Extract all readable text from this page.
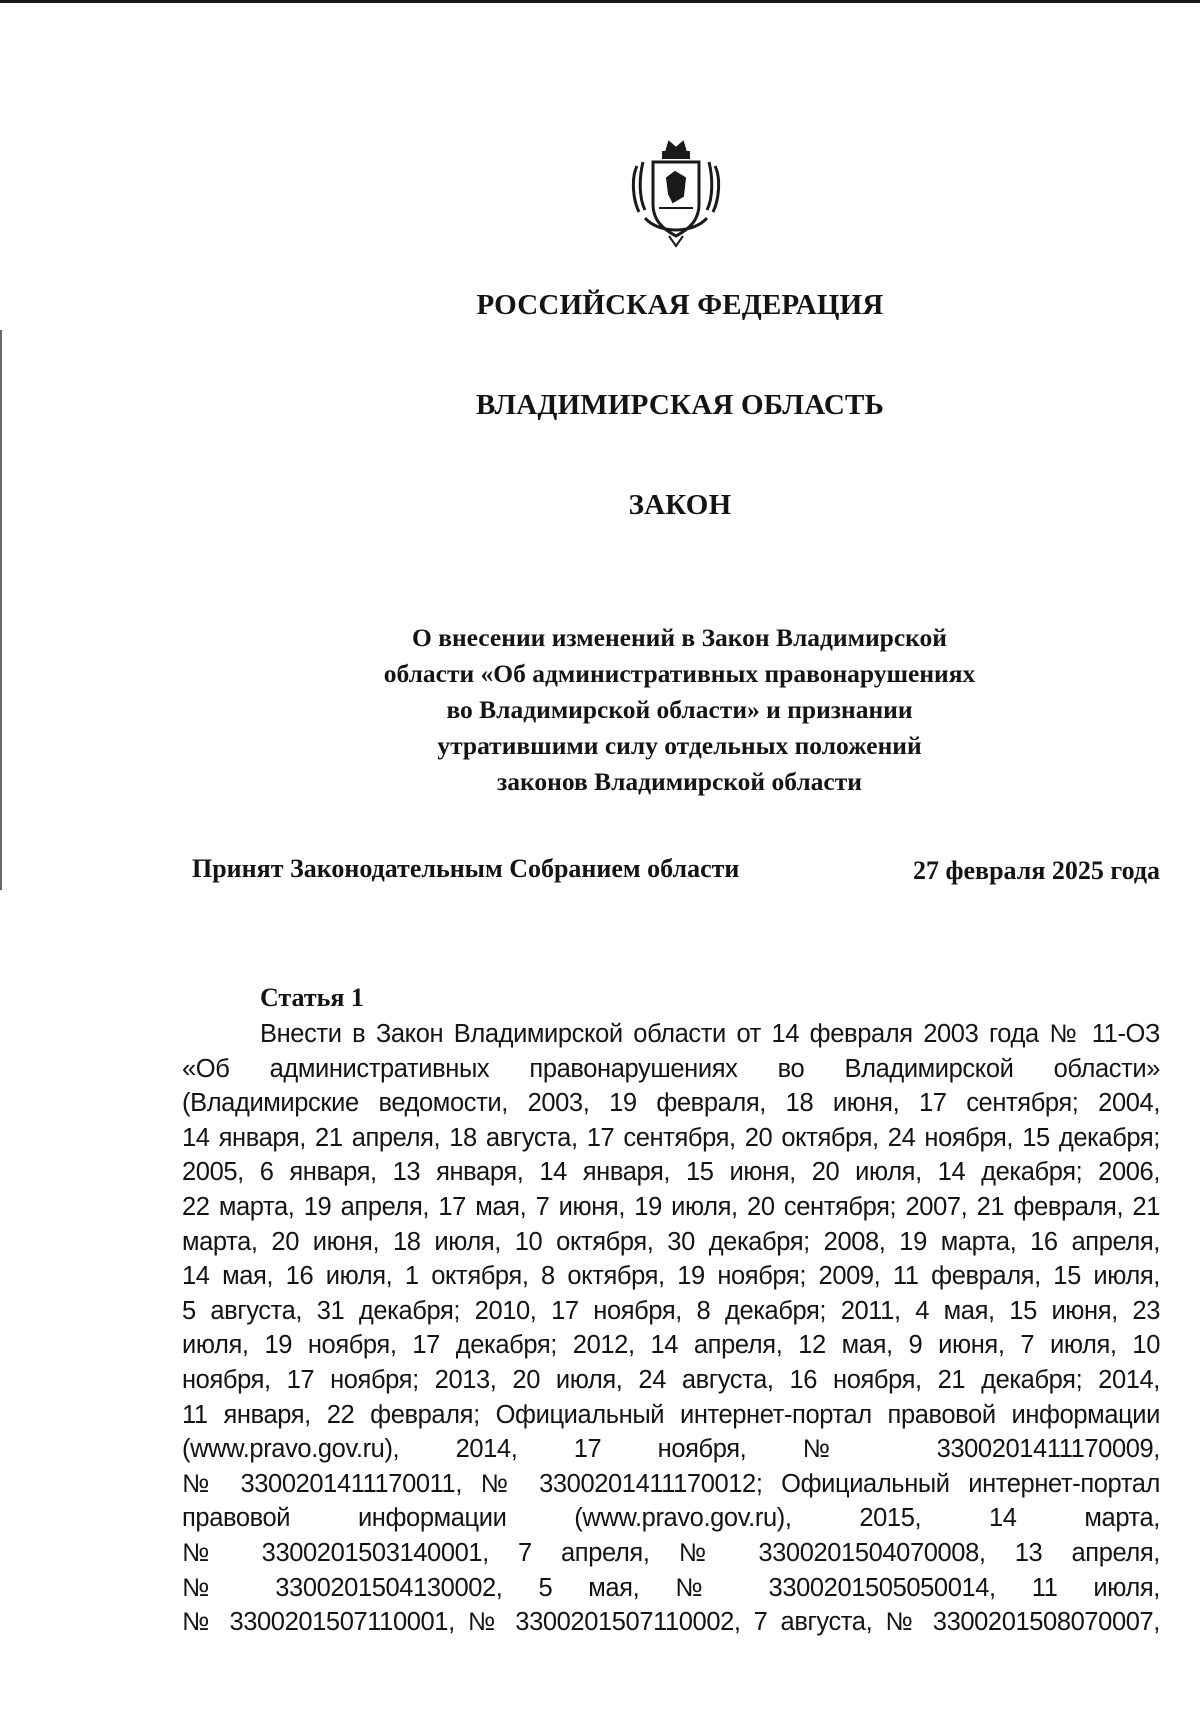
РОССИЙСКАЯ ФЕДЕРАЦИЯ
ВЛАДИМИРСКАЯ ОБЛАСТЬ
ЗАКОН
О внесении изменений в Закон Владимирской
области «Об административных правонарушениях
во Владимирской области» и признании
утратившими силу отдельных положений
законов Владимирской области
Принят Законодательным Собранием области	27 февраля 2025 года
Статья 1
Внести в Закон Владимирской области от 14 февраля 2003 года № 11-ОЗ
«Об административных правонарушениях во Владимирской области»
(Владимирские ведомости, 2003, 19 февраля, 18 июня, 17 сентября; 2004,
14 января, 21 апреля, 18 августа, 17 сентября, 20 октября, 24 ноября, 15 декабря;
2005, 6 января, 13 января, 14 января, 15 июня, 20 июля, 14 декабря; 2006,
22 марта, 19 апреля, 17 мая, 7 июня, 19 июля, 20 сентября; 2007, 21 февраля, 21
марта, 20 июня, 18 июля, 10 октября, 30 декабря; 2008, 19 марта, 16 апреля,
14 мая, 16 июля, 1 октября, 8 октября, 19 ноября; 2009, 11 февраля, 15 июля,
5 августа, 31 декабря; 2010, 17 ноября, 8 декабря; 2011, 4 мая, 15 июня, 23
июля, 19 ноября, 17 декабря; 2012, 14 апреля, 12 мая, 9 июня, 7 июля, 10
ноября, 17 ноября; 2013, 20 июля, 24 августа, 16 ноября, 21 декабря; 2014,
11 января, 22 февраля; Официальный интернет-портал правовой информации
(www.pravo.gov.ru), 2014, 17 ноября, № 3300201411170009,
№ 3300201411170011, № 3300201411170012; Официальный интернет-портал
правовой информации (www.pravo.gov.ru), 2015, 14 марта,
№ 3300201503140001, 7 апреля, № 3300201504070008, 13 апреля,
№ 3300201504130002, 5 мая, № 3300201505050014, 11 июля,
№ 3300201507110001, № 3300201507110002, 7 августа, № 3300201508070007,
